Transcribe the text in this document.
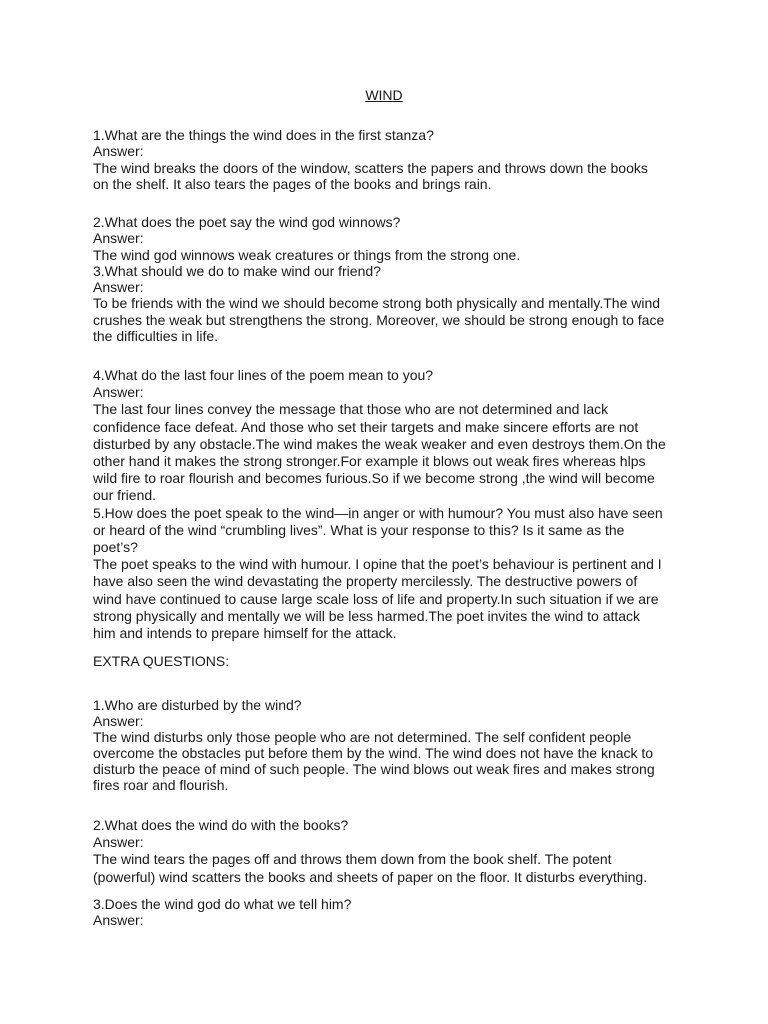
WIND
1.What are the things the wind does in the first stanza?
Answer:
The wind breaks the doors of the window, scatters the papers and throws down the books
on the shelf. It also tears the pages of the books and brings rain.
2.What does the poet say the wind god winnows?
Answer:
The wind god winnows weak creatures or things from the strong one.
3.What should we do to make wind our friend?
Answer:
To be friends with the wind we should become strong both physically and mentally.The wind
crushes the weak but strengthens the strong. Moreover, we should be strong enough to face
the difficulties in life.
4.What do the last four lines of the poem mean to you?
Answer:
The last four lines convey the message that those who are not determined and lack
confidence face defeat. And those who set their targets and make sincere efforts are not
disturbed by any obstacle.The wind makes the weak weaker and even destroys them.On the
other hand it makes the strong stronger.For example it blows out weak fires whereas hlps
wild fire to roar flourish and becomes furious.So if we become strong ,the wind will become
our friend.
5.How does the poet speak to the wind—in anger or with humour? You must also have seen
or heard of the wind “crumbling lives”. What is your response to this? Is it same as the
poet’s?
The poet speaks to the wind with humour. I opine that the poet’s behaviour is pertinent and I
have also seen the wind devastating the property mercilessly. The destructive powers of
wind have continued to cause large scale loss of life and property.In such situation if we are
strong physically and mentally we will be less harmed.The poet invites the wind to attack
him and intends to prepare himself for the attack.
EXTRA QUESTIONS:
1.Who are disturbed by the wind?
Answer:
The wind disturbs only those people who are not determined. The self confident people
overcome the obstacles put before them by the wind. The wind does not have the knack to
disturb the peace of mind of such people. The wind blows out weak fires and makes strong
fires roar and flourish.
2.What does the wind do with the books?
Answer:
The wind tears the pages off and throws them down from the book shelf. The potent
(powerful) wind scatters the books and sheets of paper on the floor. It disturbs everything.
3.Does the wind god do what we tell him?
Answer:
